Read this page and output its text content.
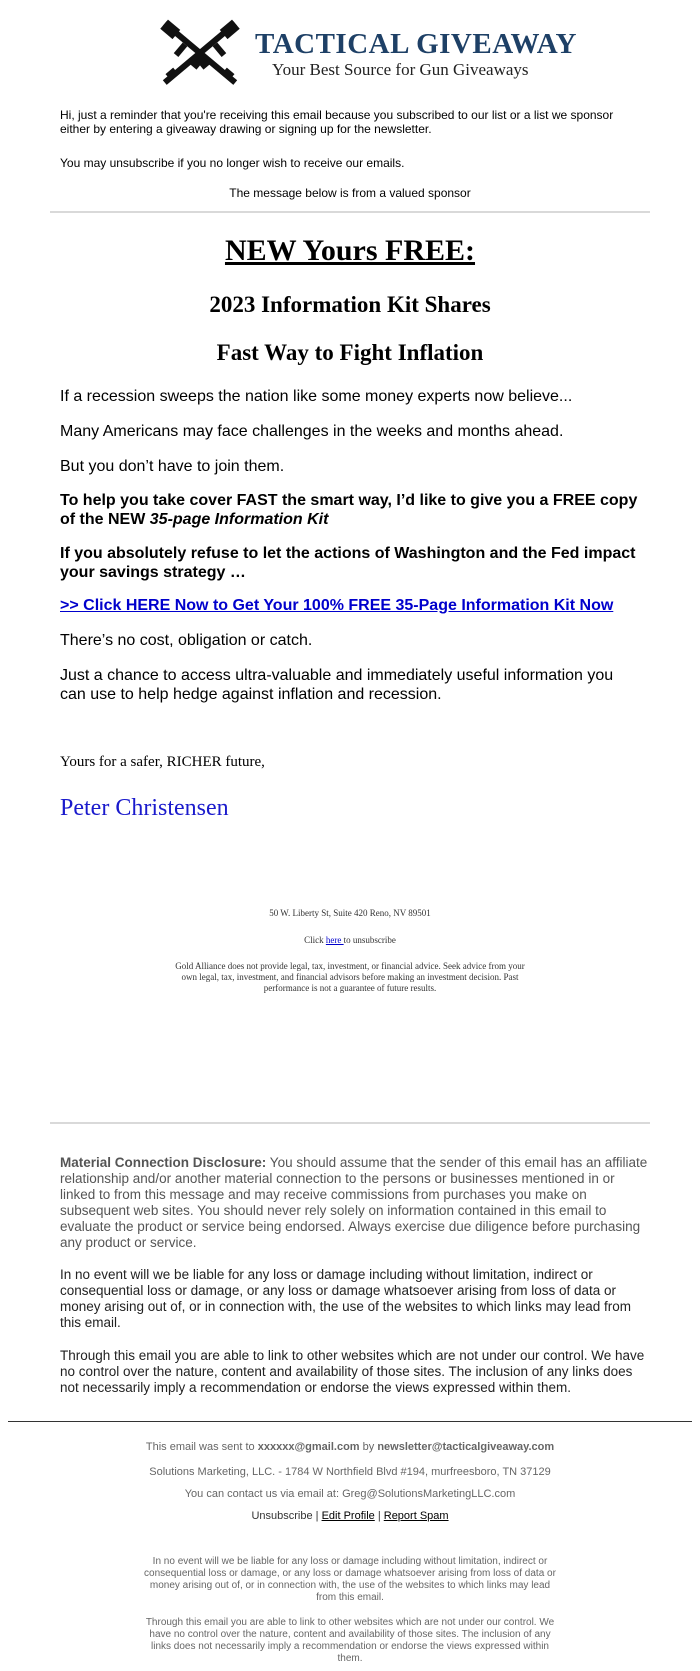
TACTICAL GIVEAWAY
Your Best Source for Gun Giveaways
Hi, just a reminder that you're receiving this email because you subscribed to our list or a list we sponsor either by entering a giveaway drawing or signing up for the newsletter.
You may unsubscribe if you no longer wish to receive our emails.
The message below is from a valued sponsor
NEW Yours FREE:
2023 Information Kit Shares
Fast Way to Fight Inflation
If a recession sweeps the nation like some money experts now believe...
Many Americans may face challenges in the weeks and months ahead.
But you don’t have to join them.
To help you take cover FAST the smart way, I’d like to give you a FREE copy of the NEW 35-page Information Kit
If you absolutely refuse to let the actions of Washington and the Fed impact your savings strategy …
>> Click HERE Now to Get Your 100% FREE 35-Page Information Kit Now
There’s no cost, obligation or catch.
Just a chance to access ultra-valuable and immediately useful information you can use to help hedge against inflation and recession.
Yours for a safer, RICHER future,
Peter Christensen
50 W. Liberty St, Suite 420 Reno, NV 89501
Click here to unsubscribe
Gold Alliance does not provide legal, tax, investment, or financial advice. Seek advice from your own legal, tax, investment, and financial advisors before making an investment decision. Past performance is not a guarantee of future results.
Material Connection Disclosure: You should assume that the sender of this email has an affiliate relationship and/or another material connection to the persons or businesses mentioned in or linked to from this message and may receive commissions from purchases you make on subsequent web sites. You should never rely solely on information contained in this email to evaluate the product or service being endorsed. Always exercise due diligence before purchasing any product or service.
In no event will we be liable for any loss or damage including without limitation, indirect or consequential loss or damage, or any loss or damage whatsoever arising from loss of data or money arising out of, or in connection with, the use of the websites to which links may lead from this email.
Through this email you are able to link to other websites which are not under our control. We have no control over the nature, content and availability of those sites. The inclusion of any links does not necessarily imply a recommendation or endorse the views expressed within them.
This email was sent to xxxxxx@gmail.com by newsletter@tacticalgiveaway.com
Solutions Marketing, LLC. - 1784 W Northfield Blvd #194, murfreesboro, TN 37129
You can contact us via email at: Greg@SolutionsMarketingLLC.com
Unsubscribe | Edit Profile | Report Spam
In no event will we be liable for any loss or damage including without limitation, indirect or consequential loss or damage, or any loss or damage whatsoever arising from loss of data or money arising out of, or in connection with, the use of the websites to which links may lead from this email.
Through this email you are able to link to other websites which are not under our control. We have no control over the nature, content and availability of those sites. The inclusion of any links does not necessarily imply a recommendation or endorse the views expressed within them.
